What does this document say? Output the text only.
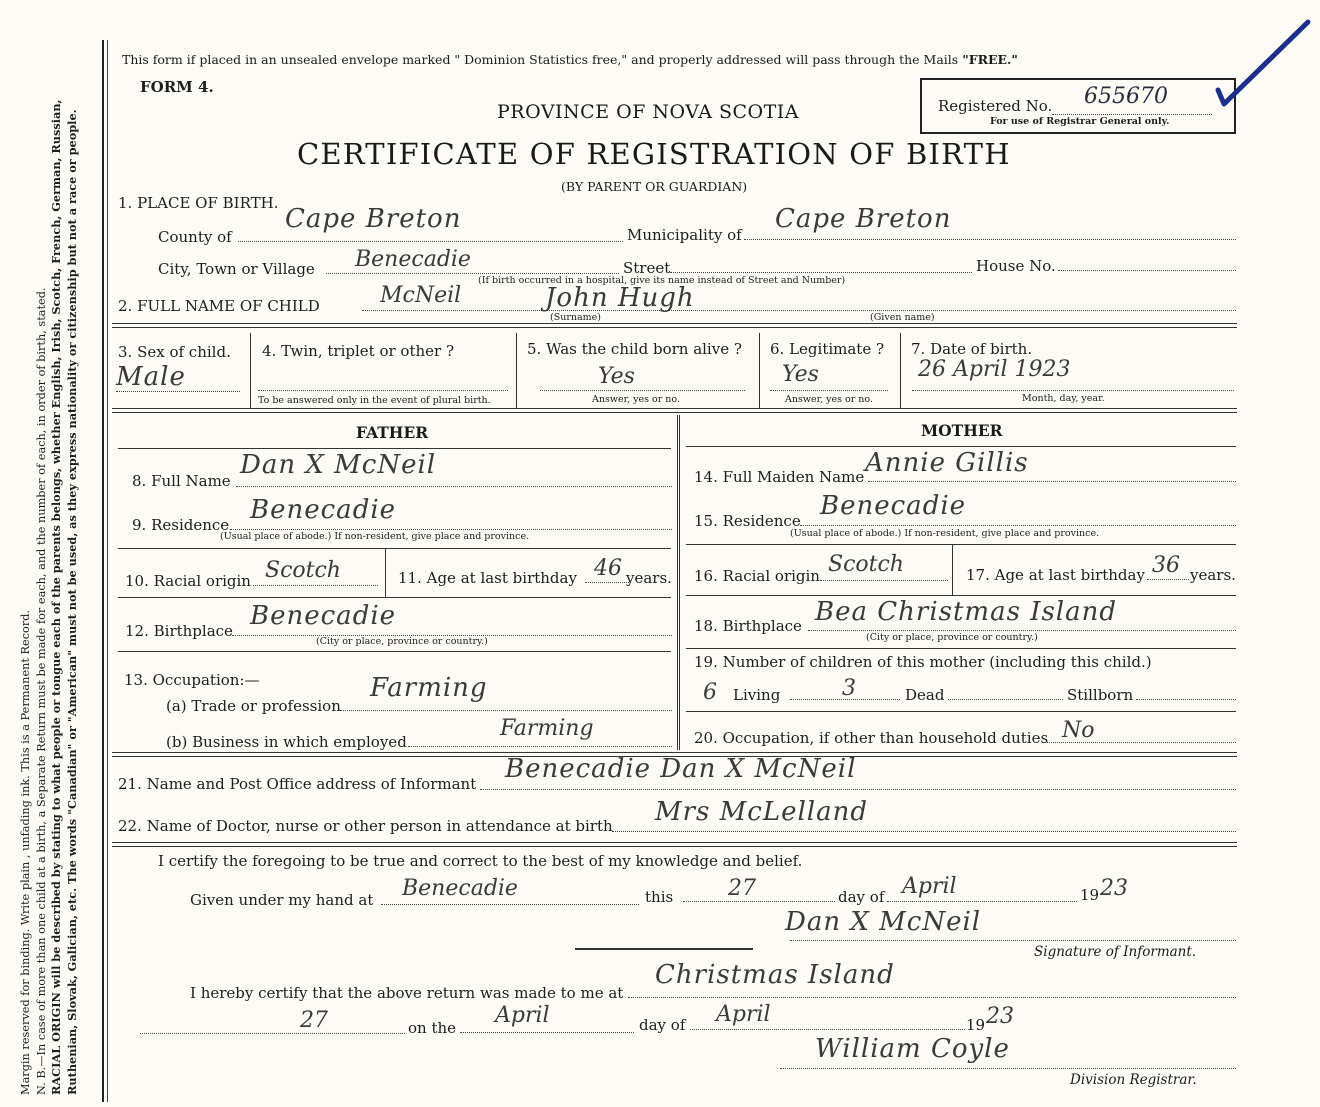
Margin reserved for binding. Write plain , unfading ink. This is a Permanent Record. N. B.—In case of more than one child at a birth, a Separate Return must be made for each, and the number of each, in order of birth, stated. RACIAL ORIGIN will be described by stating to what people or tongue each of the parents belongs, whether English, Irish, Scotch, French, German, Russian, Ruthenian, Slovak, Galician, etc. The words "Canadian" or "American" must not be used, as they express nationality or citizenship but not a race or people.
This form if placed in an unsealed envelope marked " Dominion Statistics free," and properly addressed will pass through the Mails "FREE."
FORM 4.
Registered No. 655670
For use of Registrar General only.
PROVINCE OF NOVA SCOTIA
CERTIFICATE OF REGISTRATION OF BIRTH
(BY PARENT OR GUARDIAN)
1. PLACE OF BIRTH.
County of
Cape Breton
Municipality of
Cape Breton
City, Town or Village Benecadie	Street	House No.
(If birth occurred in a hospital, give its name instead of Street and Number)
2. FULL NAME OF CHILD	McNeil	John Hugh
(Surname)	(Given name)
3. Sex of child.
Male
4. Twin, triplet or other ?
To be answered only in the event of plural birth.
5. Was the child born alive ?
Yes
Answer, yes or no.
6. Legitimate ?
Yes
Answer, yes or no.
7. Date of birth.
26 April 1923
Month, day, year.
FATHER	MOTHER
8. Full Name
Dan X McNeil
9. Residence Benecadie
(Usual place of abode.) If non-resident, give place and province.
10. Racial origin Scotch	11. Age at last birthday 46 years.
12. Birthplace Benecadie
(City or place, province or country.)
13. Occupation:—
(a) Trade or profession
Farming
(b) Business in which employed
Farming
14. Full Maiden Name Annie Gillis
15. Residence Benecadie
(Usual place of abode.) If non-resident, give place and province.
16. Racial origin Scotch	17. Age at last birthday 36 years.
18. Birthplace Bea Christmas Island
(City or place, province or country.)
19. Number of children of this mother (including this child.)
6 Living	3	Dead	Stillborn
20. Occupation, if other than household duties No
21. Name and Post Office address of Informant Benecadie Dan X McNeil
22. Name of Doctor, nurse or other person in attendance at birth Mrs McLelland
I certify the foregoing to be true and correct to the best of my knowledge and belief.
Given under my hand at Benecadie	this 27	day of April	19 23
Dan X McNeil
Signature of Informant.
I hereby certify that the above return was made to me at
Christmas Island
27	on the April	day of April	19 23
William Coyle
Division Registrar.
